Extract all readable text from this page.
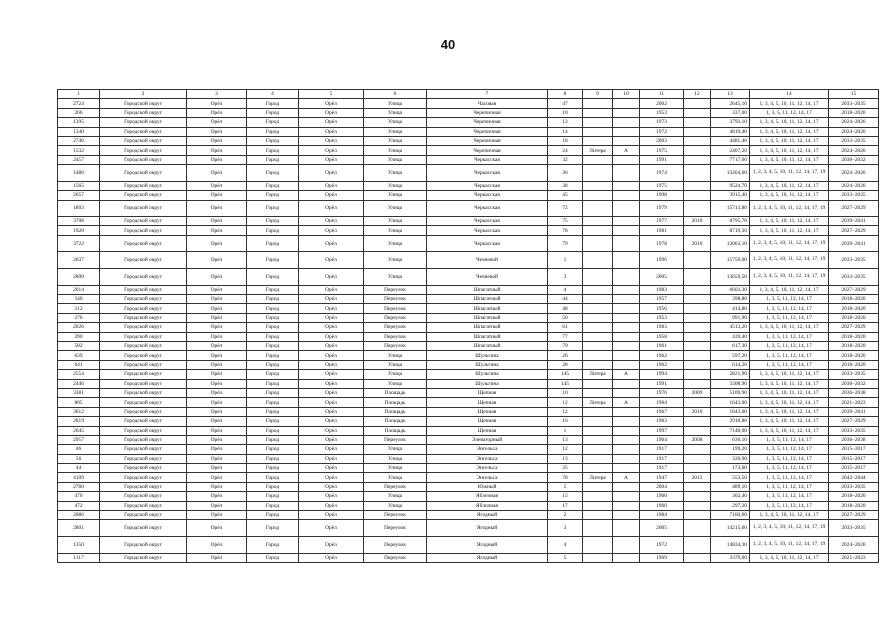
40
1	2	3	4	5	6	7	8	9	10	11	12	13	14	15
2724	Городской округ	Орёл	Город	Орёл	Улица	Часовая	47			2002		2645,10	1, 3, 4, 5, 10, 11, 12, 14, 17	2033–2035
266	Городской округ	Орёл	Город	Орёл	Улица	Черепичная	10			1953		337,00	1, 3, 5, 11, 12, 14, 17	2018–2020
1395	Городской округ	Орёл	Город	Орёл	Улица	Черепичная	12			1973		3793,10	1, 3, 4, 5, 10, 11, 12, 14, 17	2024–2026
1340	Городской округ	Орёл	Город	Орёл	Улица	Черепичная	14			1972		4819,40	1, 3, 4, 5, 10, 11, 12, 14, 17	2024–2026
2746	Городской округ	Орёл	Город	Орёл	Улица	Черепичная	18			2003		4481,40	1, 3, 4, 5, 10, 11, 12, 14, 17	2033–2035
1532	Городской округ	Орёл	Город	Орёл	Улица	Черепичная	24	Литера	А	1975		2407,20	1, 3, 4, 5, 10, 11, 12, 14, 17	2024–2026
2457	Городской округ	Орёл	Город	Орёл	Улица	Черкасская	32			1991		7717,00	1, 3, 4, 5, 10, 11, 12, 14, 17	2030–2032
1486	Городской округ	Орёл	Город	Орёл	Улица	Черкасская	36			1974		13264,60	1, 2, 3, 4, 5, 10, 11, 12, 14, 17, 19	2024–2026
1565	Городской округ	Орёл	Город	Орёл	Улица	Черкасская	38			1975		9524,70	1, 3, 4, 5, 10, 11, 12, 14, 17	2024–2026
2657	Городской округ	Орёл	Город	Орёл	Улица	Черкасская	45			1998		3915,40	1, 3, 4, 5, 10, 11, 12, 14, 17	2033–2035
1803	Городской округ	Орёл	Город	Орёл	Улица	Черкасская	72			1979		15713,80	1, 2, 3, 4, 5, 10, 11, 12, 14, 17, 19	2027–2029
3708	Городской округ	Орёл	Город	Орёл	Улица	Черкасская	75			1977	2010	8795,70	1, 3, 4, 5, 10, 11, 12, 14, 17	2039–2041
1920	Городской округ	Орёл	Город	Орёл	Улица	Черкасская	76			1981		8719,30	1, 3, 4, 5, 10, 11, 12, 14, 17	2027–2029
3722	Городской округ	Орёл	Город	Орёл	Улица	Черкасская	79			1978	2010	13063,10	1, 2, 3, 4, 5, 10, 11, 12, 14, 17, 19	2039–2041
2637	Городской округ	Орёл	Город	Орёл	Улица	Чечневой	1			1996		15750,00	1, 2, 3, 4, 5, 10, 11, 12, 14, 17, 19	2033–2035
2800	Городской округ	Орёл	Город	Орёл	Улица	Чечневой	3			2005		13659,50	1, 2, 3, 4, 5, 10, 11, 12, 14, 17, 19	2033–2035
2014	Городской округ	Орёл	Город	Орёл	Переулок	Шпагатный	4			1983		6603,30	1, 3, 4, 5, 10, 11, 12, 14, 17	2027–2029
340	Городской округ	Орёл	Город	Орёл	Переулок	Шпагатный	44			1957		398,80	1, 3, 5, 11, 12, 14, 17	2018–2020
312	Городской округ	Орёл	Город	Орёл	Переулок	Шпагатный	48			1956		414,80	1, 3, 5, 11, 12, 14, 17	2018–2020
276	Городской округ	Орёл	Город	Орёл	Переулок	Шпагатный	50			1953		991,90	1, 3, 5, 11, 12, 14, 17	2018–2020
2026	Городской округ	Орёл	Город	Орёл	Переулок	Шпагатный	61			1983		4513,20	1, 3, 4, 5, 10, 11, 12, 14, 17	2027–2029
390	Городской округ	Орёл	Город	Орёл	Переулок	Шпагатный	77			1958		439,40	1, 3, 5, 11, 12, 14, 17	2018–2020
582	Городской округ	Орёл	Город	Орёл	Переулок	Шпагатный	79			1961		617,30	1, 3, 5, 11, 12, 14, 17	2018–2020
639	Городской округ	Орёл	Город	Орёл	Улица	Шульгина	26			1962		597,20	1, 3, 5, 11, 12, 14, 17	2018–2020
641	Городской округ	Орёл	Город	Орёл	Улица	Шульгина	28			1962		614,20	1, 3, 5, 11, 12, 14, 17	2018–2020
2554	Городской округ	Орёл	Город	Орёл	Улица	Шульгина	145	Литера	А	1994		2821,90	1, 3, 4, 5, 10, 11, 12, 14, 17	2033–2035
2446	Городской округ	Орёл	Город	Орёл	Улица	Шульгина	145			1991		3308,90	1, 3, 4, 5, 10, 11, 12, 14, 17	2030–2032
3381	Городской округ	Орёл	Город	Орёл	Площадь	Щепная	10			1976	2009	5109,90	1, 3, 4, 5, 10, 11, 12, 14, 17	2036–2038
805	Городской округ	Орёл	Город	Орёл	Площадь	Щепная	12	Литера	А	1964		1643,00	1, 3, 4, 5, 10, 11, 12, 14, 17	2021–2023
3612	Городской округ	Орёл	Город	Орёл	Площадь	Щепная	12			1967	2010	1643,00	1, 3, 4, 5, 10, 11, 12, 14, 17	2039–2041
2019	Городской округ	Орёл	Город	Орёл	Площадь	Щепная	16			1983		2918,80	1, 3, 4, 5, 10, 11, 12, 14, 17	2027–2029
2645	Городской округ	Орёл	Город	Орёл	Площадь	Щепная	1			1997		7148,00	1, 3, 4, 5, 10, 11, 12, 14, 17	2033–2035
2957	Городской округ	Орёл	Город	Орёл	Переулок	Элеваторный	13			1964	2008	636,10	1, 3, 5, 11, 12, 14, 17	2036–2038
46	Городской округ	Орёл	Город	Орёл	Улица	Энгельса	12			1917		199,20	1, 3, 5, 11, 12, 14, 17	2015–2017
56	Городской округ	Орёл	Город	Орёл	Улица	Энгельса	13			1917		336,90	1, 3, 5, 11, 12, 14, 17	2015–2017
44	Городской округ	Орёл	Город	Орёл	Улица	Энгельса	35			1917		173,60	1, 3, 5, 11, 12, 14, 17	2015–2017
4109	Городской округ	Орёл	Город	Орёл	Улица	Энгельса	78	Литера	А	1947	2013	553,50	1, 3, 5, 11, 12, 14, 17	2042–2044
2760	Городской округ	Орёл	Город	Орёл	Переулок	Южный	5			2004		489,10	1, 3, 5, 11, 12, 14, 17	2033–2035
476	Городской округ	Орёл	Город	Орёл	Улица	Яблочная	15			1960		302,40	1, 3, 5, 11, 12, 14, 17	2018–2020
472	Городской округ	Орёл	Город	Орёл	Улица	Яблочная	17			1960		297,20	1, 3, 5, 11, 12, 14, 17	2018–2020
2086	Городской округ	Орёл	Город	Орёл	Переулок	Ягодный	2			1984		7160,00	1, 3, 4, 5, 10, 11, 12, 14, 17	2027–2029
2801	Городской округ	Орёл	Город	Орёл	Переулок	Ягодный	3			2005		14215,00	1, 2, 3, 4, 5, 10, 11, 12, 14, 17, 19	2033–2035
1350	Городской округ	Орёл	Город	Орёл	Переулок	Ягодный	4			1972		14834,30	1, 2, 3, 4, 5, 10, 11, 12, 14, 17, 19	2024–2026
1117	Городской округ	Орёл	Город	Орёл	Переулок	Ягодный	5			1969		3379,00	1, 3, 4, 5, 10, 11, 12, 14, 17	2021–2023
